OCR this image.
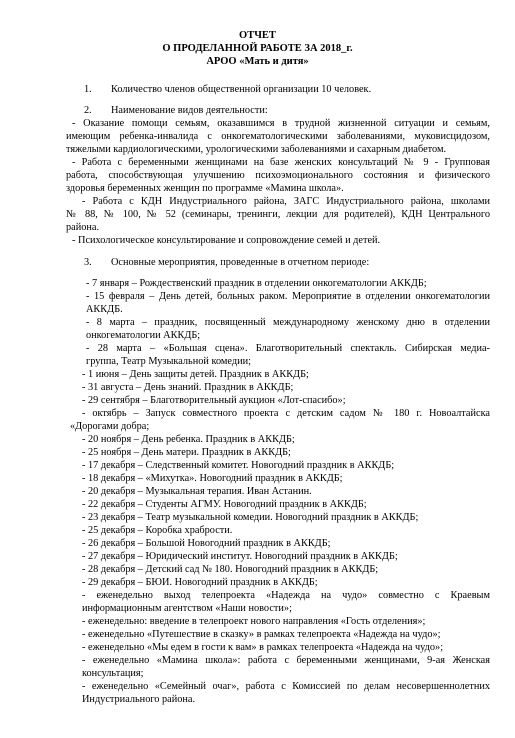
ОТЧЕТ
О ПРОДЕЛАННОЙ РАБОТЕ ЗА 2018_г.
АРОО «Мать и дитя»
1. Количество членов общественной организации 10 человек.
2. Наименование видов деятельности:
- Оказание помощи семьям, оказавшимся в трудной жизненной ситуации и семьям,
имеющим ребенка-инвалида с онкогематологическими заболеваниями, муковисцидозом,
тяжелыми кардиологическими, урологическими заболеваниями и сахарным диабетом.
- Работа с беременными женщинами на базе женских консультаций № 9 - Групповая
работа, способствующая улучшению психоэмоционального состояния и физического
здоровья беременных женщин по программе «Мамина школа».
- Работа с КДН Индустриального района, ЗАГС Индустриального района, школами
№ 88, № 100, № 52 (семинары, тренинги, лекции для родителей), КДН Центрального
района.
- Психологическое консультирование и сопровождение семей и детей.
3. Основные мероприятия, проведенные в отчетном периоде:
- 7 января – Рождественский праздник в отделении онкогематологии АККДБ;
- 15 февраля – День детей, больных раком. Мероприятие в отделении онкогематологии
АККДБ.
- 8 марта – праздник, посвященный международному женскому дню в отделении
онкогематологии АККДБ;
- 28 марта – «Большая сцена». Благотворительный спектакль. Сибирская медиа-
группа, Театр Музыкальной комедии;
- 1 июня – День защиты детей. Праздник в АККДБ;
- 31 августа – День знаний. Праздник в АККДБ;
- 29 сентября – Благотворительный аукцион «Лот-спасибо»;
- октябрь – Запуск совместного проекта с детским садом № 180 г. Новоалтайска
«Дорогами добра;
- 20 ноября – День ребенка. Праздник в АККДБ;
- 25 ноября – День матери. Праздник в АККДБ;
- 17 декабря – Следственный комитет. Новогодний праздник в АККДБ;
- 18 декабря – «Михутка». Новогодний праздник в АККДБ;
- 20 декабря – Музыкальная терапия. Иван Астанин.
- 22 декабря – Студенты АГМУ. Новогодний праздник в АККДБ;
- 23 декабря – Театр музыкальной комедии. Новогодний праздник в АККДБ;
- 25 декабря – Коробка храбрости.
- 26 декабря – Большой Новогодний праздник в АККДБ;
- 27 декабря – Юридический институт. Новогодний праздник в АККДБ;
- 28 декабря – Детский сад № 180. Новогодний праздник в АККДБ;
- 29 декабря – БЮИ. Новогодний праздник в АККДБ;
- еженедельно выход телепроекта «Надежда на чудо» совместно с Краевым
информационным агентством «Наши новости»;
- еженедельно: введение в телепроект нового направления «Гость отделения»;
- еженедельно «Путешествие в сказку» в рамках телепроекта «Надежда на чудо»;
- еженедельно «Мы едем в гости к вам» в рамках телепроекта «Надежда на чудо»;
- еженедельно «Мамина школа»: работа с беременными женщинами, 9-ая Женская
консультация;
- еженедельно «Семейный очаг», работа с Комиссией по делам несовершеннолетних
Индустриального района.
